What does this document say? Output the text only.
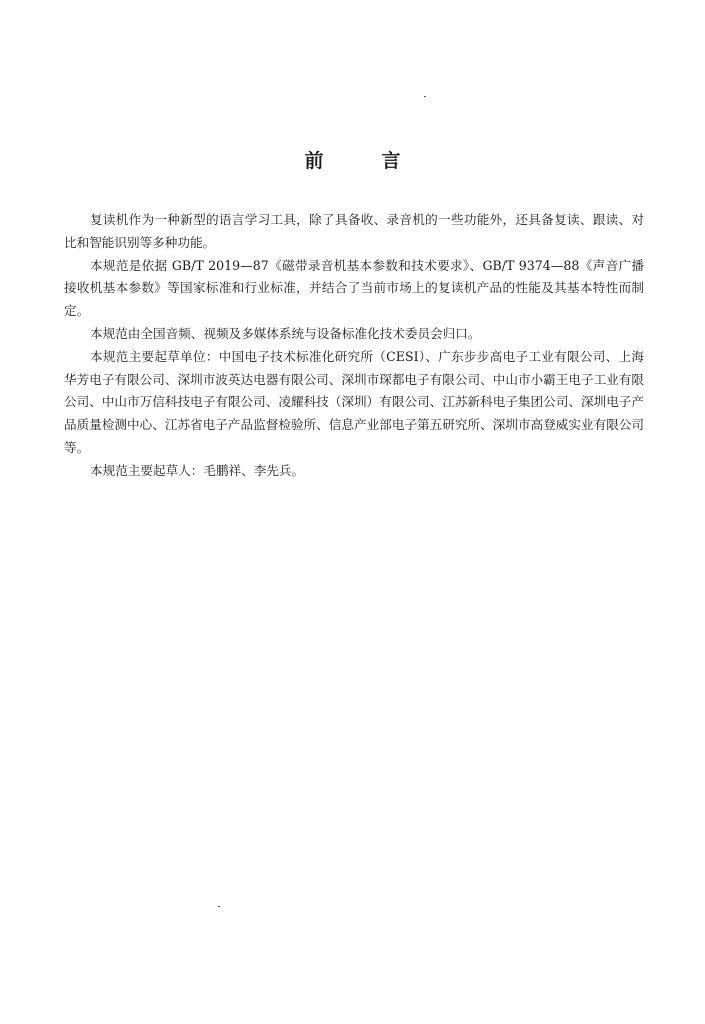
前	言

复读机作为一种新型的语言学习工具，除了具备收、录音机的一些功能外，还具备复读、跟读、对比和智能识别等多种功能。

本规范是依据 GB/T 2019—87《磁带录音机基本参数和技术要求》、GB/T 9374—88《声音广播接收机基本参数》等国家标准和行业标准，并结合了当前市场上的复读机产品的性能及其基本特性而制定。

本规范由全国音频、视频及多媒体系统与设备标准化技术委员会归口。

本规范主要起草单位：中国电子技术标准化研究所（CESI）、广东步步高电子工业有限公司、上海华芳电子有限公司、深圳市波英达电器有限公司、深圳市琛都电子有限公司、中山市小霸王电子工业有限公司、中山市万信科技电子有限公司、凌耀科技（深圳）有限公司、江苏新科电子集团公司、深圳电子产品质量检测中心、江苏省电子产品监督检验所、信息产业部电子第五研究所、深圳市高登威实业有限公司等。

本规范主要起草人：毛鹏祥、李先兵。
